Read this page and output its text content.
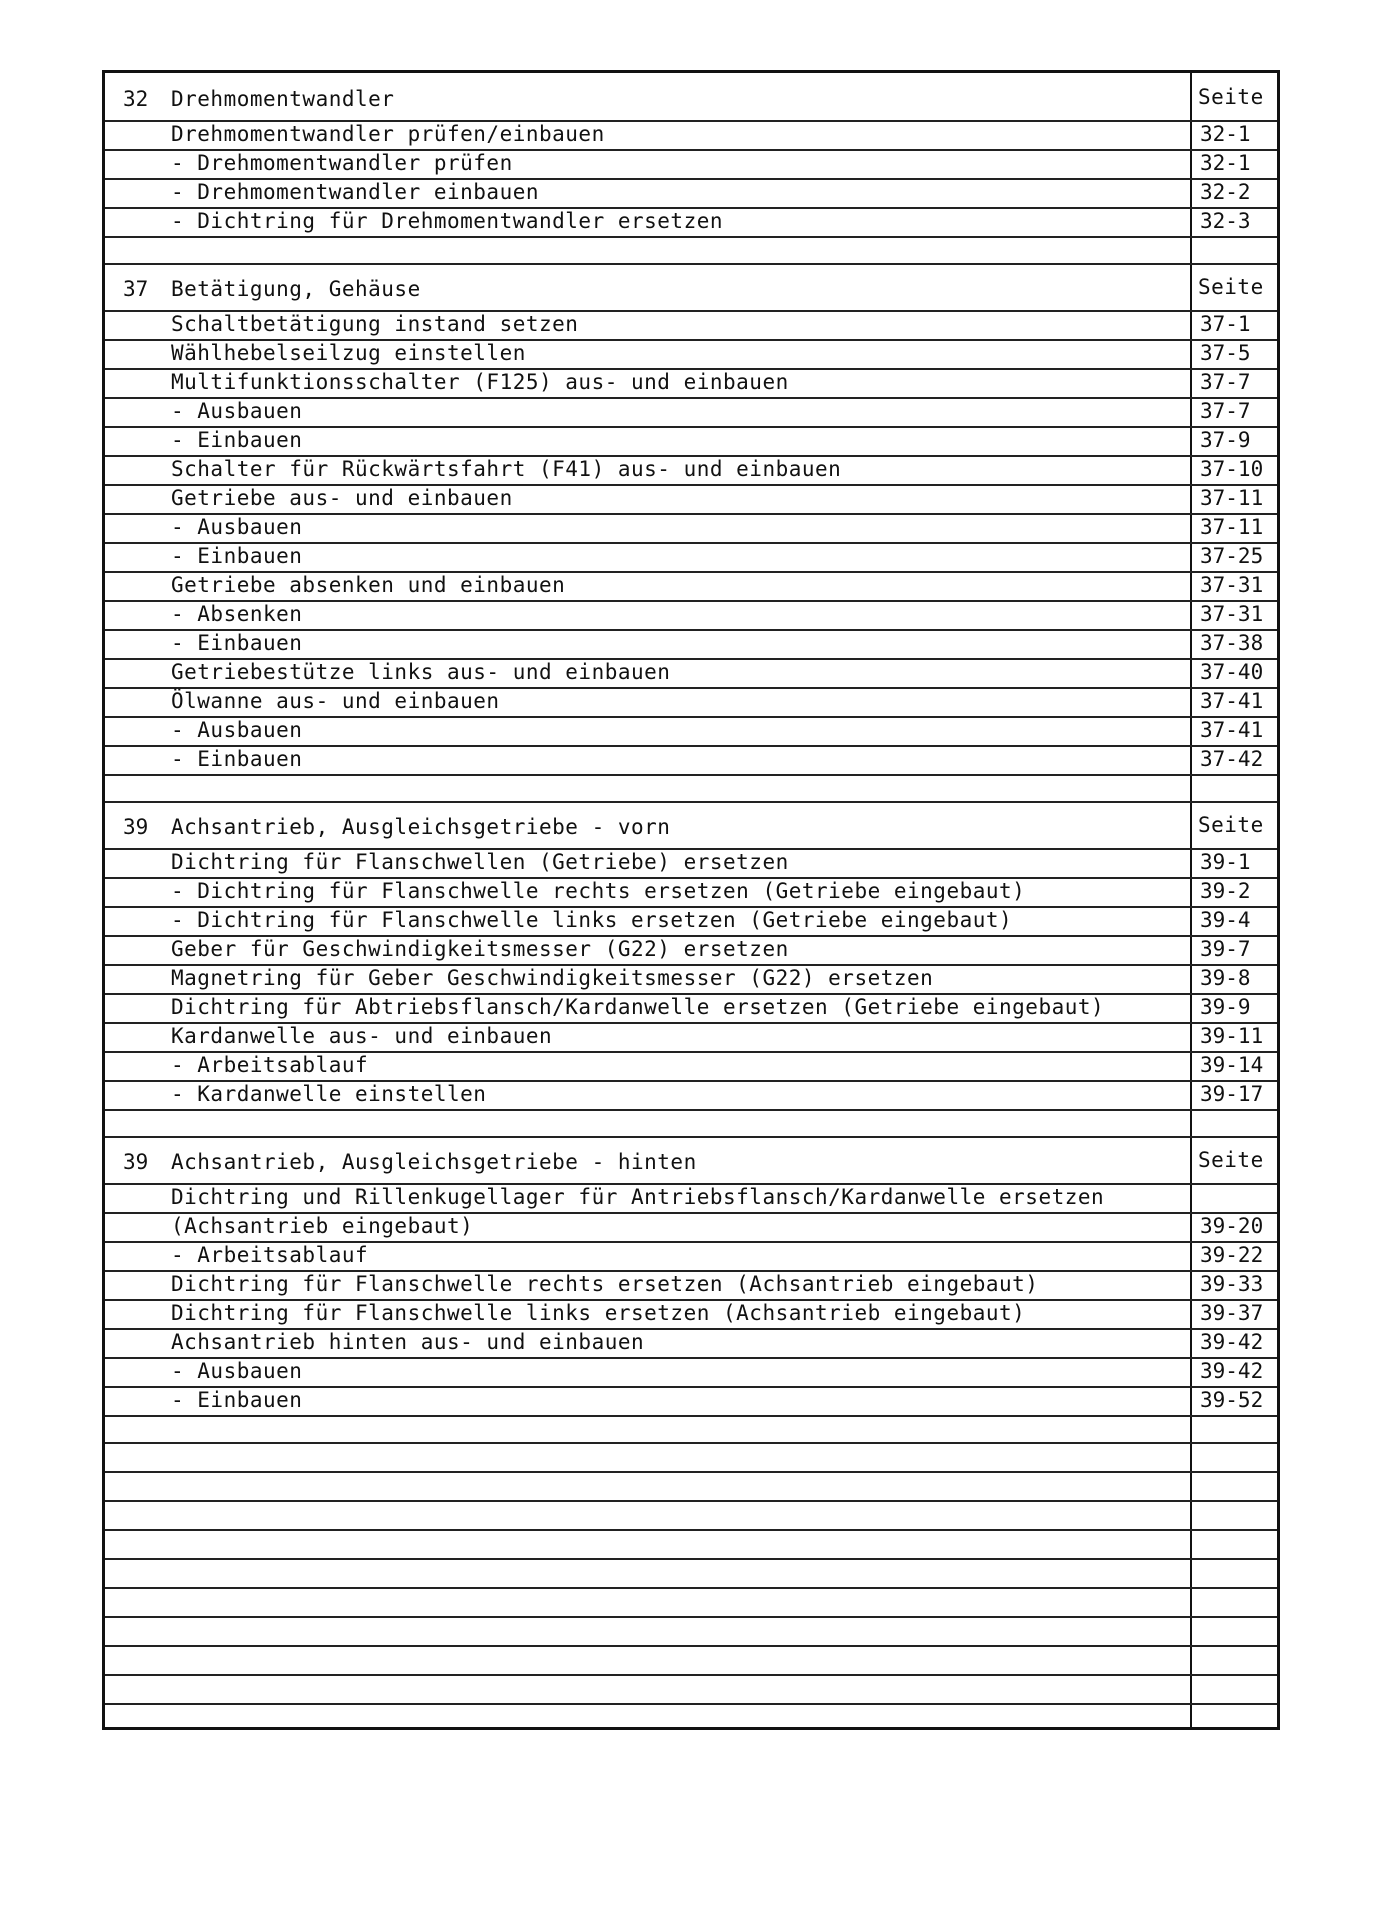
32 Drehmomentwandler	Seite
Drehmomentwandler prüfen/einbauen	32-1
- Drehmomentwandler prüfen	32-1
- Drehmomentwandler einbauen	32-2
- Dichtring für Drehmomentwandler ersetzen	32-3
37 Betätigung, Gehäuse	Seite
Schaltbetätigung instand setzen	37-1
Wählhebelseilzug einstellen	37-5
Multifunktionsschalter (F125) aus- und einbauen	37-7
- Ausbauen	37-7
- Einbauen	37-9
Schalter für Rückwärtsfahrt (F41) aus- und einbauen	37-10
Getriebe aus- und einbauen	37-11
- Ausbauen	37-11
- Einbauen	37-25
Getriebe absenken und einbauen	37-31
- Absenken	37-31
- Einbauen	37-38
Getriebestütze links aus- und einbauen	37-40
Ölwanne aus- und einbauen	37-41
- Ausbauen	37-41
- Einbauen	37-42
39 Achsantrieb, Ausgleichsgetriebe - vorn	Seite
Dichtring für Flanschwellen (Getriebe) ersetzen	39-1
- Dichtring für Flanschwelle rechts ersetzen (Getriebe eingebaut)	39-2
- Dichtring für Flanschwelle links ersetzen (Getriebe eingebaut)	39-4
Geber für Geschwindigkeitsmesser (G22) ersetzen	39-7
Magnetring für Geber Geschwindigkeitsmesser (G22) ersetzen	39-8
Dichtring für Abtriebsflansch/Kardanwelle ersetzen (Getriebe eingebaut)	39-9
Kardanwelle aus- und einbauen	39-11
- Arbeitsablauf	39-14
- Kardanwelle einstellen	39-17
39 Achsantrieb, Ausgleichsgetriebe - hinten	Seite
Dichtring und Rillenkugellager für Antriebsflansch/Kardanwelle ersetzen
(Achsantrieb eingebaut)	39-20
- Arbeitsablauf	39-22
Dichtring für Flanschwelle rechts ersetzen (Achsantrieb eingebaut)	39-33
Dichtring für Flanschwelle links ersetzen (Achsantrieb eingebaut)	39-37
Achsantrieb hinten aus- und einbauen	39-42
- Ausbauen	39-42
- Einbauen	39-52
